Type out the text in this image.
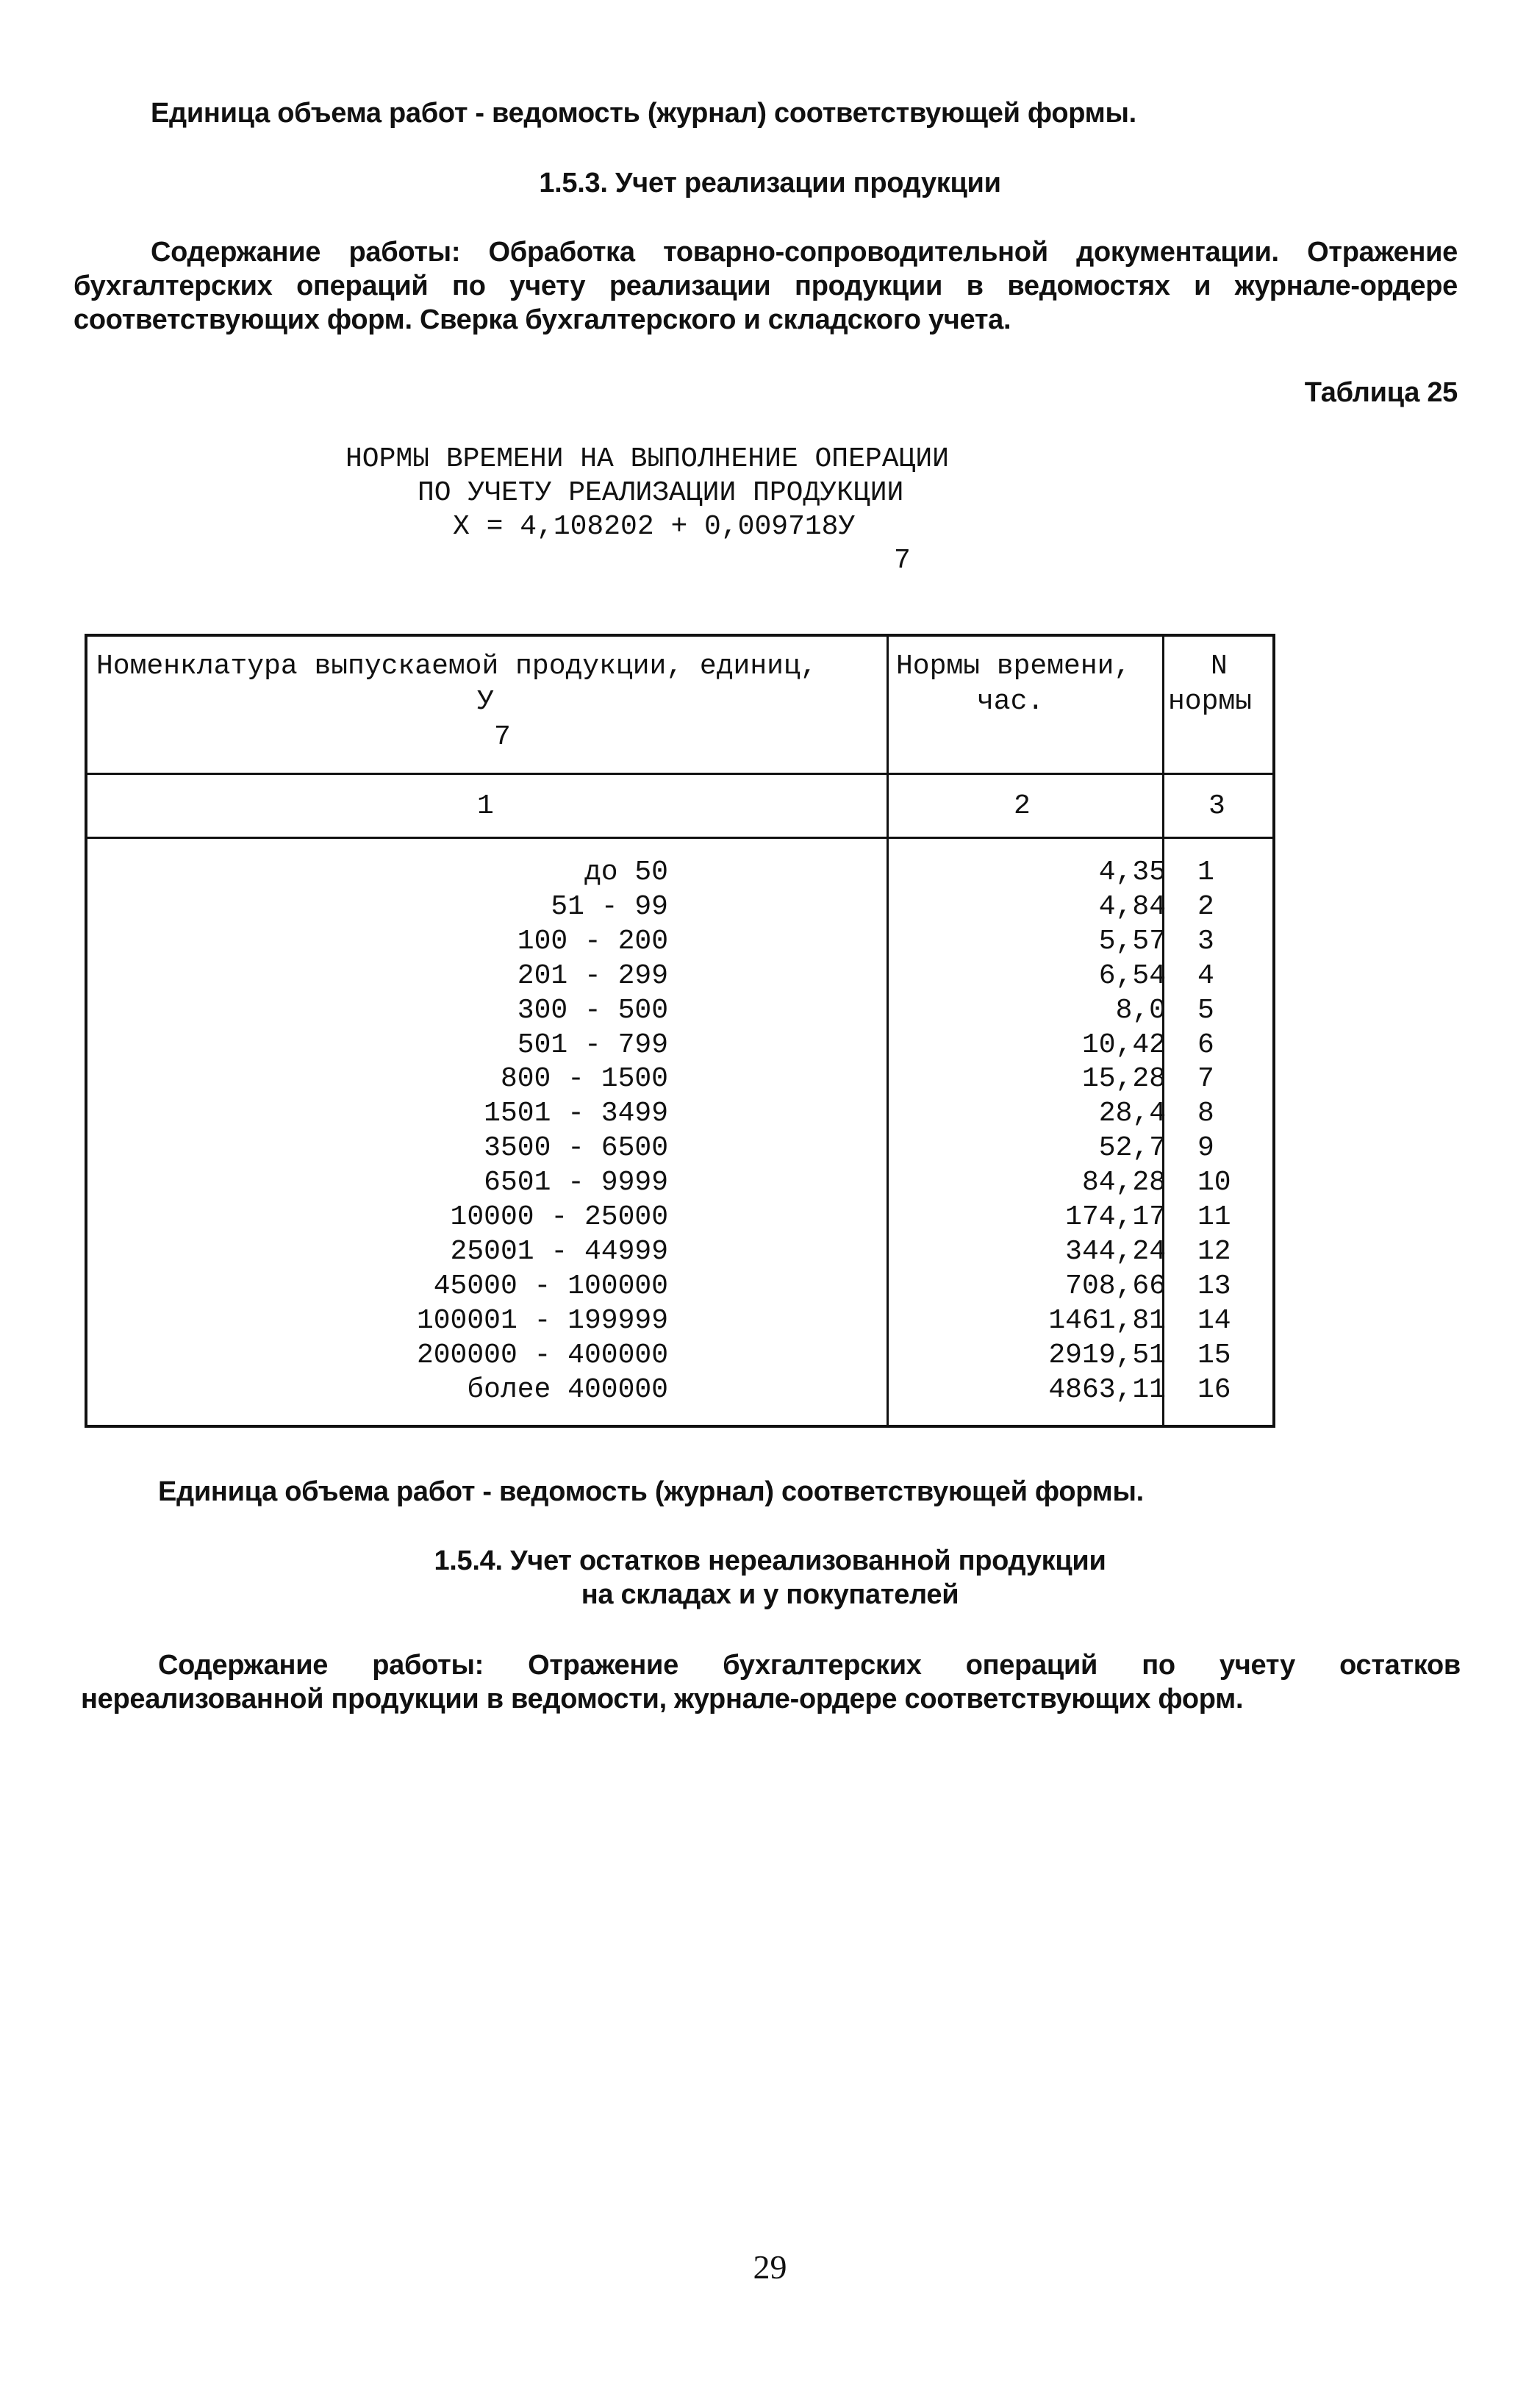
Единица объема работ - ведомость (журнал) соответствующей формы.
1.5.3. Учет реализации продукции
Содержание работы: Обработка товарно-сопроводительной документации. Отражение
бухгалтерских операций по учету реализации продукции в ведомостях и журнале-ордере
соответствующих форм. Сверка бухгалтерского и складского учета.
Таблица 25
НОРМЫ ВРЕМЕНИ НА ВЫПОЛНЕНИЕ ОПЕРАЦИИ
ПО УЧЕТУ РЕАЛИЗАЦИИ ПРОДУКЦИИ
X = 4,108202 + 0,009718У
7
Номенклатура выпускаемой продукции, единиц,
У
7
Нормы времени,
час.
N
нормы
1	2	3
до 50
51 - 99
100 - 200
201 - 299
300 - 500
501 - 799
800 - 1500
1501 - 3499
3500 - 6500
6501 - 9999
10000 - 25000
25001 - 44999
45000 - 100000
100001 - 199999
200000 - 400000
более 400000
4,35
4,84
5,57
6,54
8,0
10,42
15,28
28,4
52,7
84,28
174,17
344,24
708,66
1461,81
2919,51
4863,11
1
2
3
4
5
6
7
8
9
10
11
12
13
14
15
16
Единица объема работ - ведомость (журнал) соответствующей формы.
1.5.4. Учет остатков нереализованной продукции
на складах и у покупателей
Содержание работы: Отражение бухгалтерских операций по учету остатков
нереализованной продукции в ведомости, журнале-ордере соответствующих форм.
29
